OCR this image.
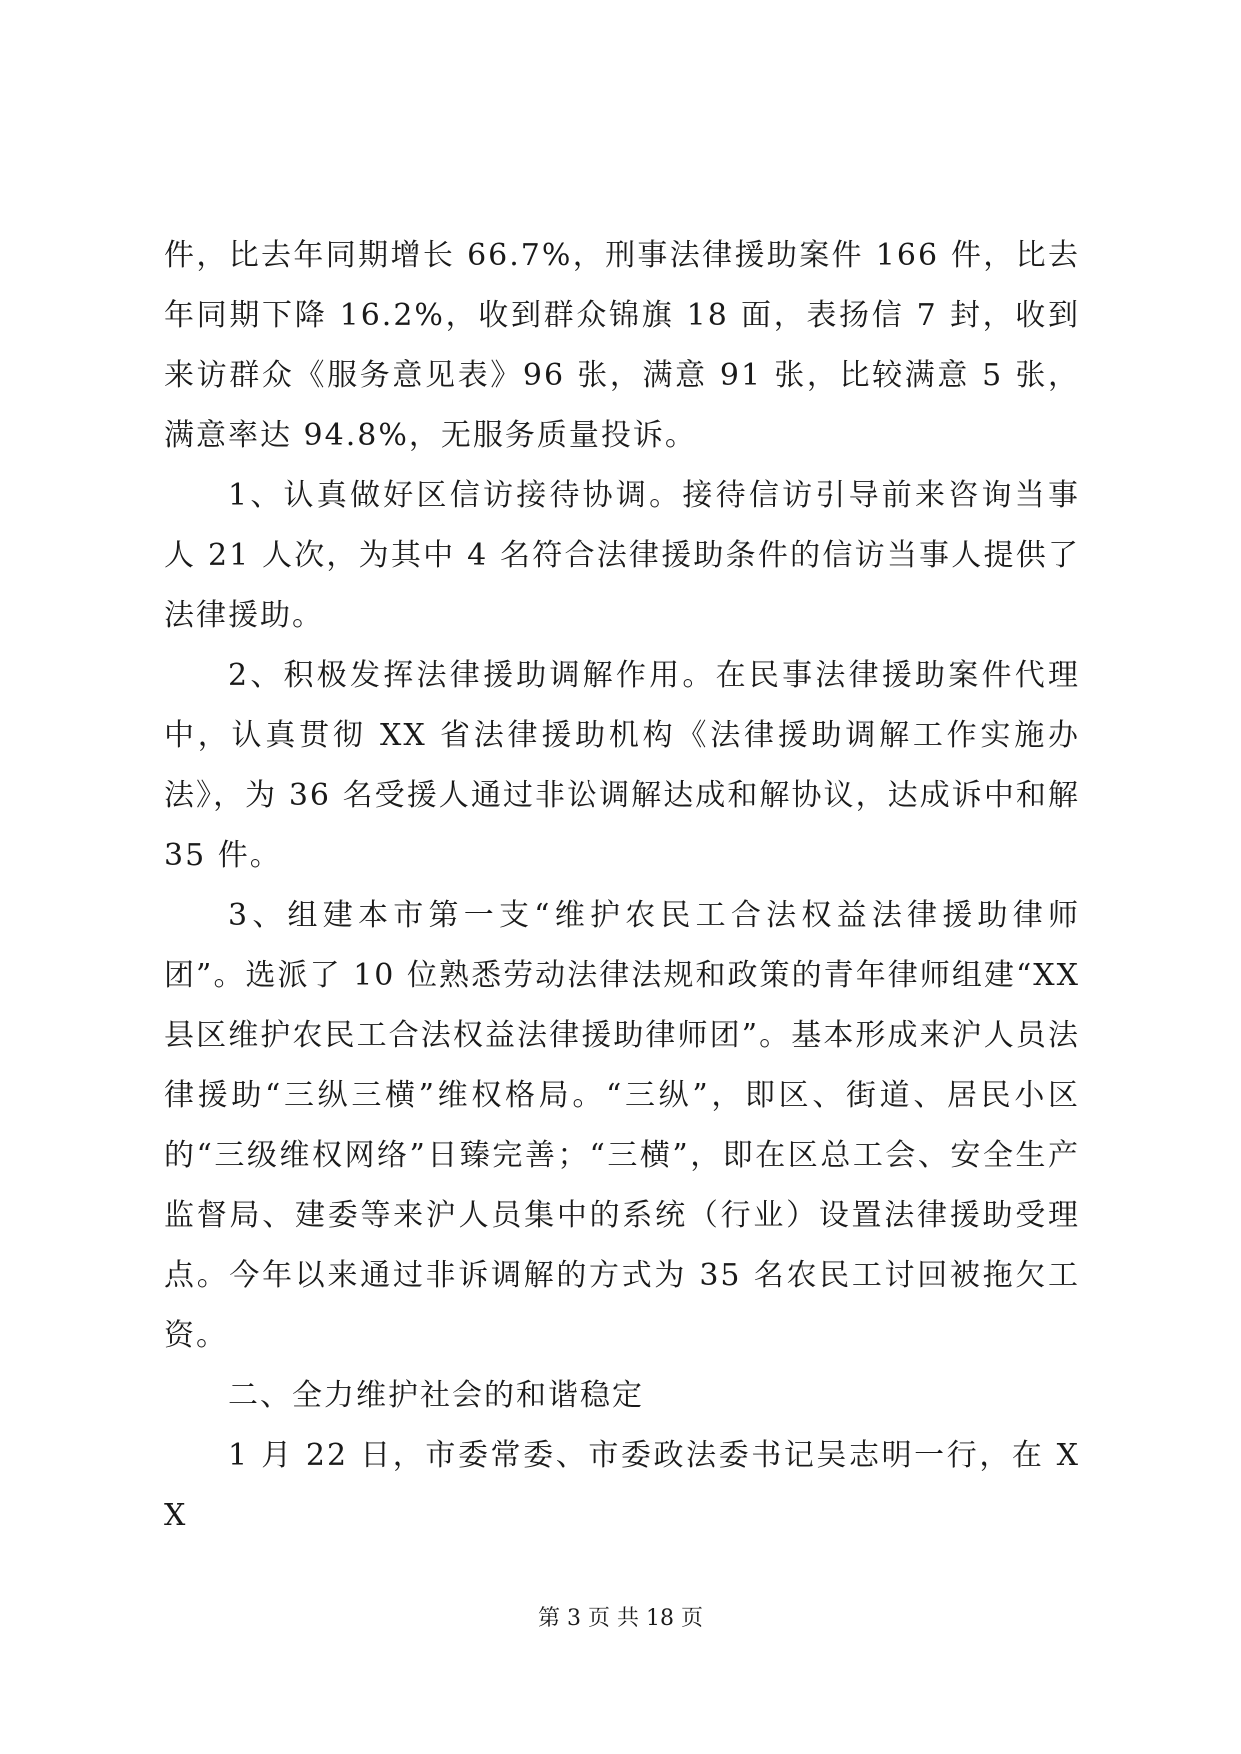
件，比去年同期增长 66.7%，刑事法律援助案件 166 件，比去年同期下降 16.2%，收到群众锦旗 18 面，表扬信 7 封，收到来访群众《服务意见表》96 张，满意 91 张，比较满意 5 张，满意率达 94.8%，无服务质量投诉。

1、认真做好区信访接待协调。接待信访引导前来咨询当事人 21 人次，为其中 4 名符合法律援助条件的信访当事人提供了法律援助。

2、积极发挥法律援助调解作用。在民事法律援助案件代理中，认真贯彻 XX 省法律援助机构《法律援助调解工作实施办法》，为 36 名受援人通过非讼调解达成和解协议，达成诉中和解 35 件。

3、组建本市第一支“维护农民工合法权益法律援助律师团”。选派了 10 位熟悉劳动法律法规和政策的青年律师组建“XX 县区维护农民工合法权益法律援助律师团”。基本形成来沪人员法律援助“三纵三横”维权格局。“三纵”，即区、街道、居民小区的“三级维权网络”日臻完善；“三横”，即在区总工会、安全生产监督局、建委等来沪人员集中的系统（行业）设置法律援助受理点。今年以来通过非诉调解的方式为 35 名农民工讨回被拖欠工资。

二、全力维护社会的和谐稳定

1 月 22 日，市委常委、市委政法委书记吴志明一行，在 XX

第 3 页 共 18 页
